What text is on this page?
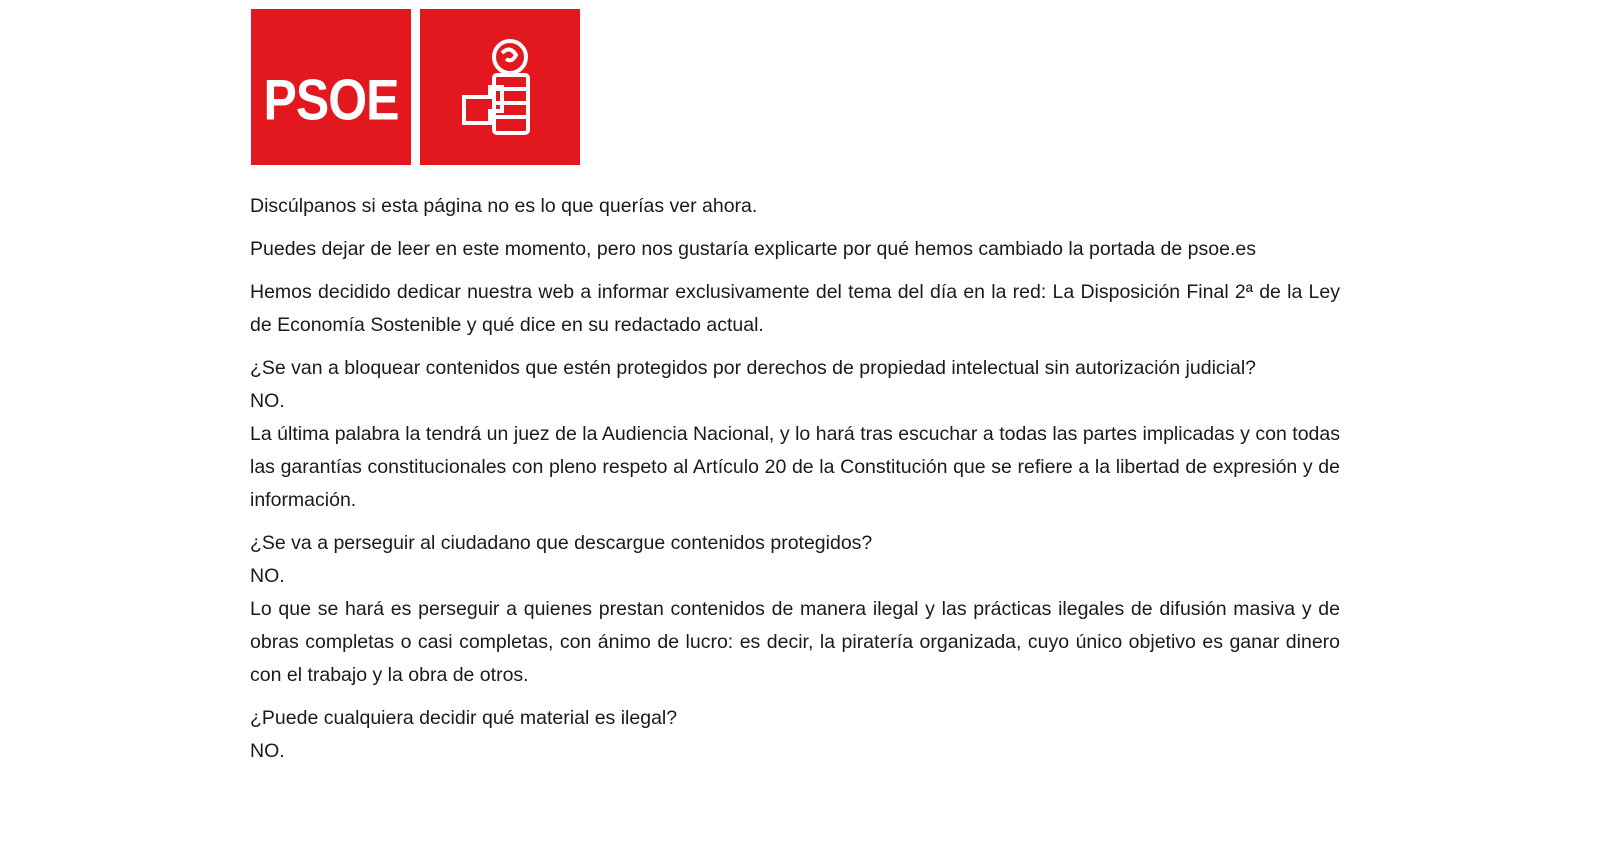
PSOE

Discúlpanos si esta página no es lo que querías ver ahora.

Puedes dejar de leer en este momento, pero nos gustaría explicarte por qué hemos cambiado la portada de psoe.es

Hemos decidido dedicar nuestra web a informar exclusivamente del tema del día en la red: La Disposición Final 2ª de la Ley de Economía Sostenible y qué dice en su redactado actual.

¿Se van a bloquear contenidos que estén protegidos por derechos de propiedad intelectual sin autorización judicial?
NO.
La última palabra la tendrá un juez de la Audiencia Nacional, y lo hará tras escuchar a todas las partes implicadas y con todas las garantías constitucionales con pleno respeto al Artículo 20 de la Constitución que se refiere a la libertad de expresión y de información.

¿Se va a perseguir al ciudadano que descargue contenidos protegidos?
NO.
Lo que se hará es perseguir a quienes prestan contenidos de manera ilegal y las prácticas ilegales de difusión masiva y de obras completas o casi completas, con ánimo de lucro: es decir, la piratería organizada, cuyo único objetivo es ganar dinero con el trabajo y la obra de otros.

¿Puede cualquiera decidir qué material es ilegal?
NO.
